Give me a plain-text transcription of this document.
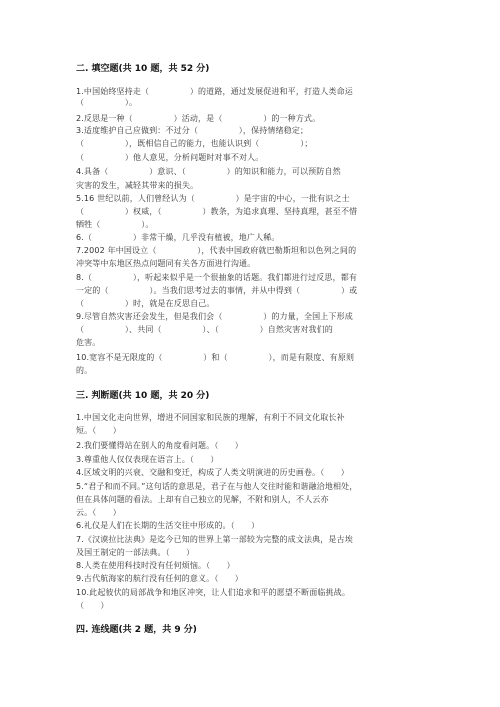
二. 填空题(共 10 题，共 52 分)
1.中国始终坚持走（　　　　　）的道路，通过发展促进和平，打造人类命运
（　　　　　）。
2.反思是一种（　　　　　）活动，是（　　　　　）的一种方式。
3.适度维护自己应做到：不过分（　　　　　），保持情绪稳定；
（　　　　　），既相信自己的能力，也能认识到（　　　　　）；
（　　　　　）他人意见，分析问题时对事不对人。
4.具备（　　　　　）意识、（　　　　　）的知识和能力，可以预防自然
灾害的发生，减轻其带来的损失。
5.16 世纪以前，人们曾经认为（　　　　　）是宇宙的中心，一批有识之士
（　　　　　）权威，（　　　　　）教条，为追求真理、坚持真理，甚至不惜
牺牲（　　　　　）。
6.（　　　　　）非常干燥，几乎没有植被，地广人稀。
7.2002 年中国设立（　　　　　），代表中国政府就巴勒斯坦和以色列之间的
冲突等中东地区热点问题同有关各方面进行沟通。
8.（　　　　　），听起来似乎是一个很抽象的话题。我们都进行过反思，都有
一定的（　　　　　）。当我们思考过去的事情，并从中得到（　　　　　）或
（　　　　　）时，就是在反思自己。
9.尽管自然灾害还会发生，但是我们会（　　　　　）的力量，全国上下形成
（　　　　　）、共同（　　　　　）、（　　　　　）自然灾害对我们的
危害。
10.宽容不是无限度的（　　　　　）和（　　　　　），而是有限度、有原则
的。
三. 判断题(共 10 题，共 20 分)
1.中国文化走向世界，增进不同国家和民族的理解，有利于不同文化取长补
短。（　　）
2.我们要懂得站在别人的角度看问题。（　　）
3.尊重他人仅仅表现在语言上。（　　）
4.区域文明的兴衰、交融和变迁，构成了人类文明演进的历史画卷。（　　）
5.“君子和而不同。”这句话的意思是，君子在与他人交往时能和谐融洽地相处，
但在具体问题的看法。上却有自己独立的见解，不附和别人，不人云亦
云。（　　）
6.礼仪是人们在长期的生活交往中形成的。（　　）
7.《汉谟拉比法典》是迄今已知的世界上第一部较为完整的成文法典，是古埃
及国王制定的一部法典。（　　）
8.人类在使用科技时没有任何烦恼。（　　）
9.古代航海家的航行没有任何的意义。（　　）
10.此起彼伏的局部战争和地区冲突，让人们追求和平的愿望不断面临挑战。
（　　）
四. 连线题(共 2 题，共 9 分)
